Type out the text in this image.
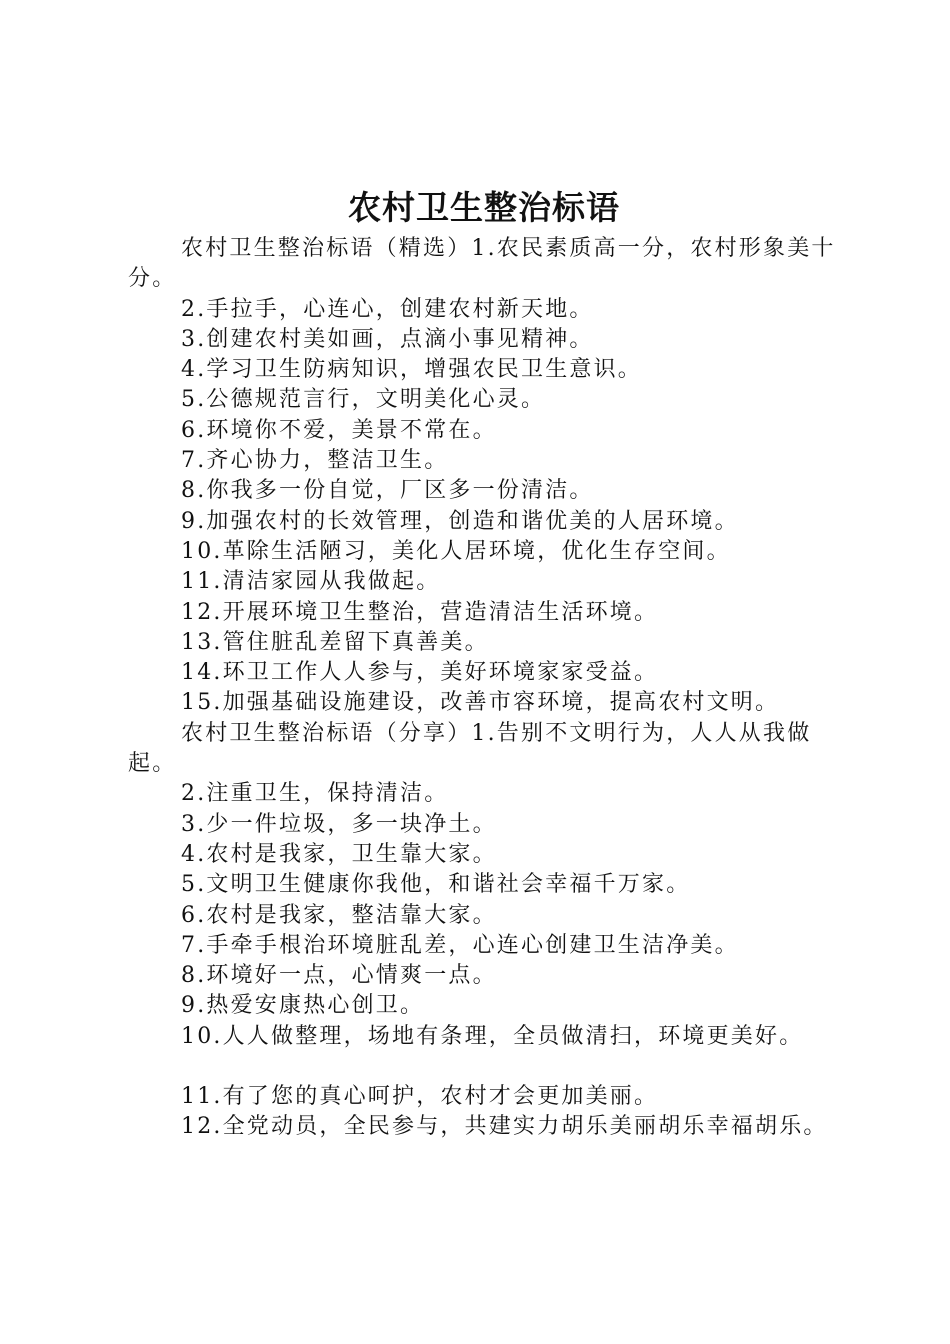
农村卫生整治标语

农村卫生整治标语（精选）1.农民素质高一分，农村形象美十分。

2.手拉手，心连心，创建农村新天地。

3.创建农村美如画，点滴小事见精神。

4.学习卫生防病知识，增强农民卫生意识。

5.公德规范言行，文明美化心灵。

6.环境你不爱，美景不常在。

7.齐心协力，整洁卫生。

8.你我多一份自觉，厂区多一份清洁。

9.加强农村的长效管理，创造和谐优美的人居环境。

10.革除生活陋习，美化人居环境，优化生存空间。

11.清洁家园从我做起。

12.开展环境卫生整治，营造清洁生活环境。

13.管住脏乱差留下真善美。

14.环卫工作人人参与，美好环境家家受益。

15.加强基础设施建设，改善市容环境，提高农村文明。

农村卫生整治标语（分享）1.告别不文明行为，人人从我做起。

2.注重卫生，保持清洁。

3.少一件垃圾，多一块净土。

4.农村是我家，卫生靠大家。

5.文明卫生健康你我他，和谐社会幸福千万家。

6.农村是我家，整洁靠大家。

7.手牵手根治环境脏乱差，心连心创建卫生洁净美。

8.环境好一点，心情爽一点。

9.热爱安康热心创卫。

10.人人做整理，场地有条理，全员做清扫，环境更美好。

11.有了您的真心呵护，农村才会更加美丽。

12.全党动员，全民参与，共建实力胡乐美丽胡乐幸福胡乐。
